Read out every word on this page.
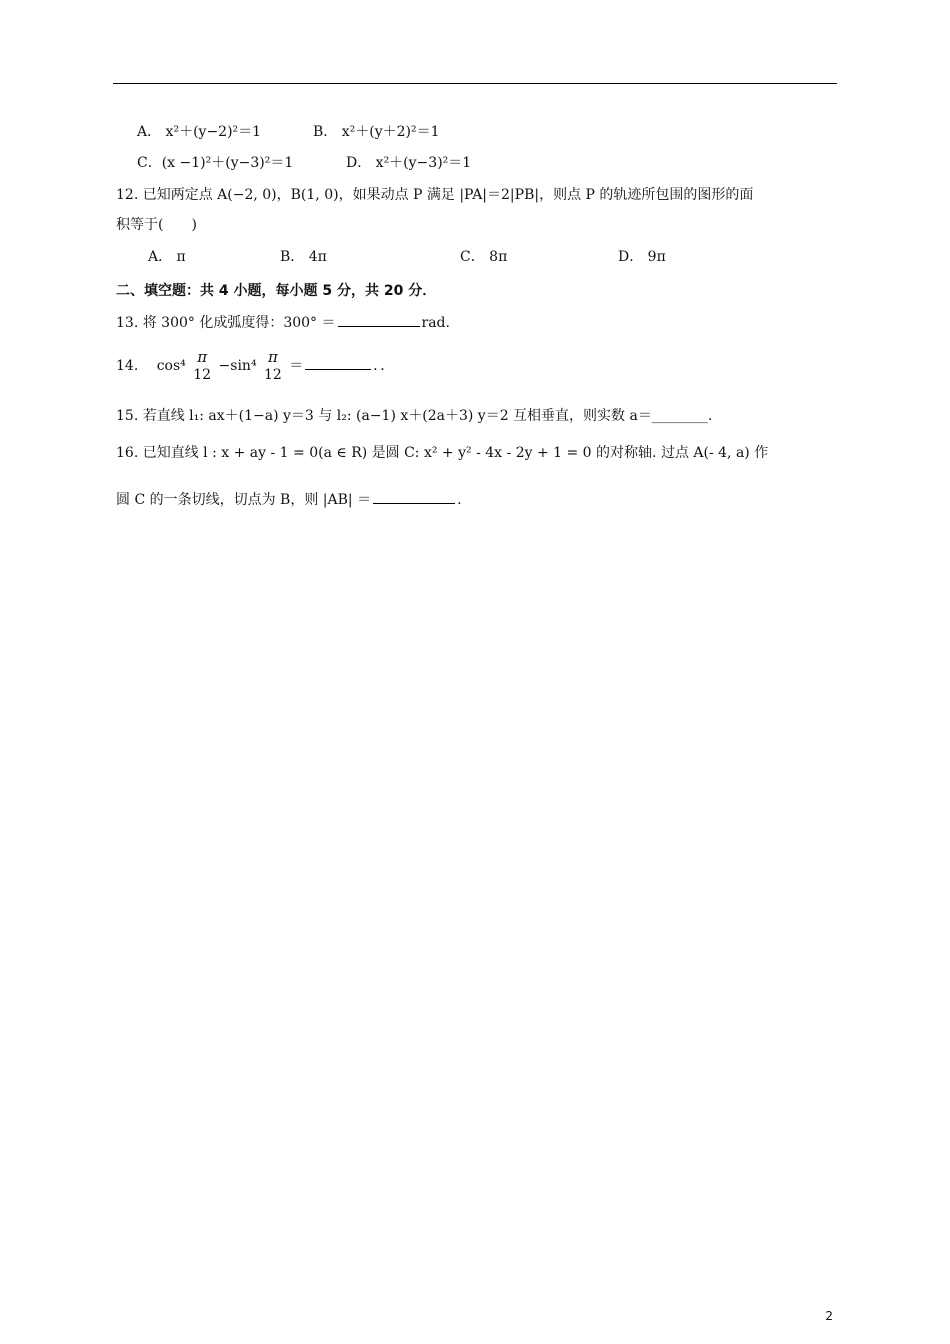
A． x²＋(y−2)²＝1	B． x²＋(y＋2)²＝1
C．(x −1)²＋(y−3)²＝1	D． x²＋(y−3)²＝1
12. 已知两定点 A(−2, 0)，B(1, 0)，如果动点 P 满足 |PA|＝2|PB|，则点 P 的轨迹所包围的图形的面
积等于(　　)
A． π	B． 4π	C． 8π	D． 9π
二、填空题：共 4 小题，每小题 5 分，共 20 分．
13. 将 300° 化成弧度得：300° ＝	rad.
14. cos⁴ π
12
−sin⁴ π
12
＝	．．
15. 若直线 l₁: ax＋(1−a) y＝3 与 l₂: (a−1) x＋(2a＋3) y＝2 互相垂直，则实数 a＝________.
16. 已知直线 l : x + ay - 1 = 0(a ∈ R) 是圆 C: x² + y² - 4x - 2y + 1 = 0 的对称轴. 过点 A(- 4, a) 作
圆 C 的一条切线，切点为 B，则 |AB| ＝	.
2
